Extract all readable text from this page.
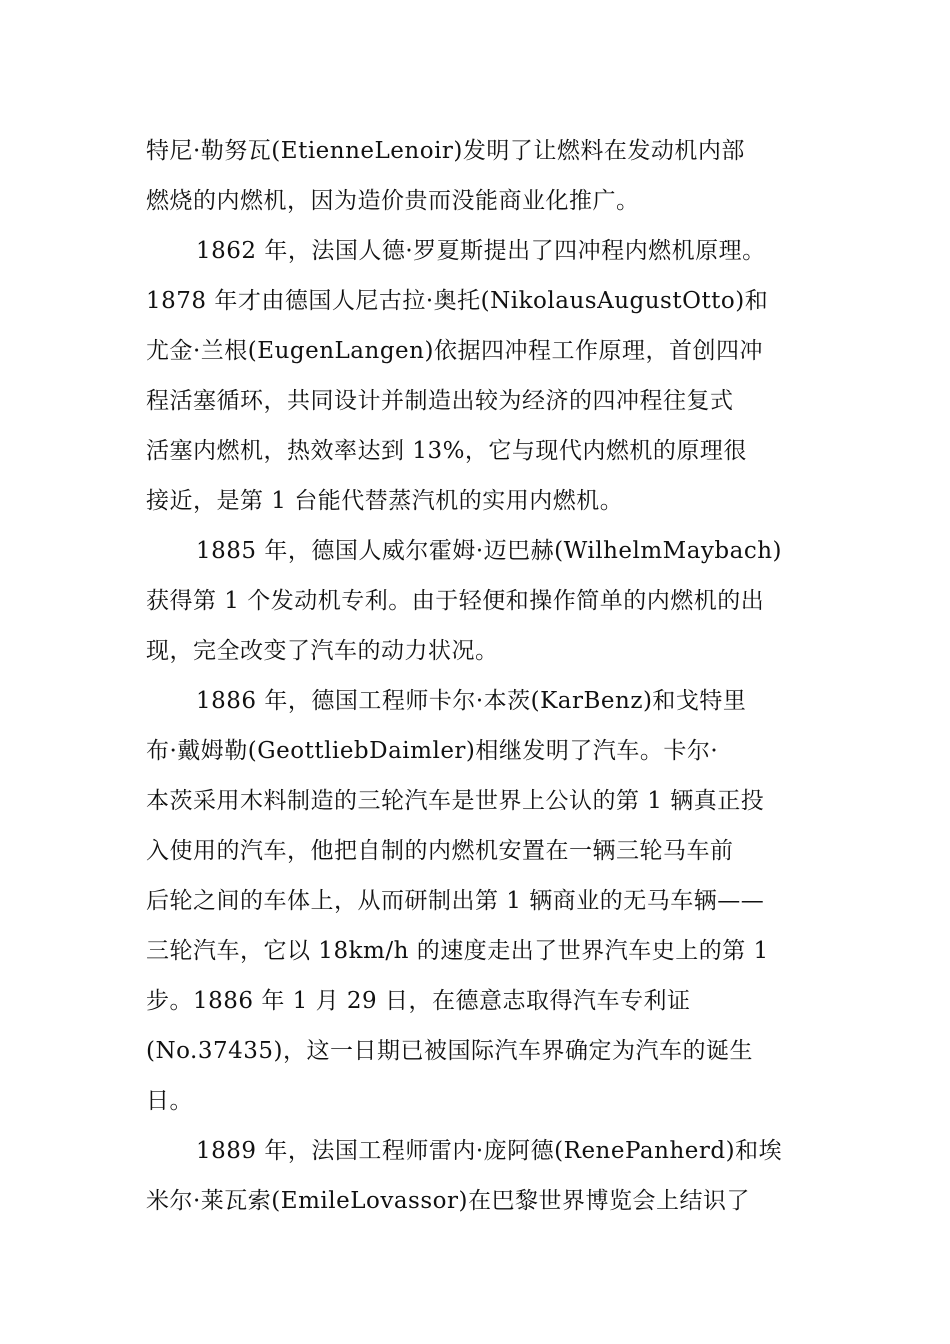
特尼·勒努瓦(EtienneLenoir)发明了让燃料在发动机内部
燃烧的内燃机，因为造价贵而没能商业化推广。
1862 年，法国人德·罗夏斯提出了四冲程内燃机原理。
1878 年才由德国人尼古拉·奥托(NikolausAugustOtto)和
尤金·兰根(EugenLangen)依据四冲程工作原理，首创四冲
程活塞循环，共同设计并制造出较为经济的四冲程往复式
活塞内燃机，热效率达到 13%，它与现代内燃机的原理很
接近，是第 1 台能代替蒸汽机的实用内燃机。
1885 年，德国人威尔霍姆·迈巴赫(WilhelmMaybach)
获得第 1 个发动机专利。由于轻便和操作简单的内燃机的出
现，完全改变了汽车的动力状况。
1886 年，德国工程师卡尔·本茨(KarBenz)和戈特里
布·戴姆勒(GeottliebDaimler)相继发明了汽车。卡尔·
本茨采用木料制造的三轮汽车是世界上公认的第 1 辆真正投
入使用的汽车，他把自制的内燃机安置在一辆三轮马车前
后轮之间的车体上，从而研制出第 1 辆商业的无马车辆——
三轮汽车，它以 18km/h 的速度走出了世界汽车史上的第 1
步。1886 年 1 月 29 日，在德意志取得汽车专利证
(No.37435)，这一日期已被国际汽车界确定为汽车的诞生
日。
1889 年，法国工程师雷内·庞阿德(RenePanherd)和埃
米尔·莱瓦索(EmileLovassor)在巴黎世界博览会上结识了
